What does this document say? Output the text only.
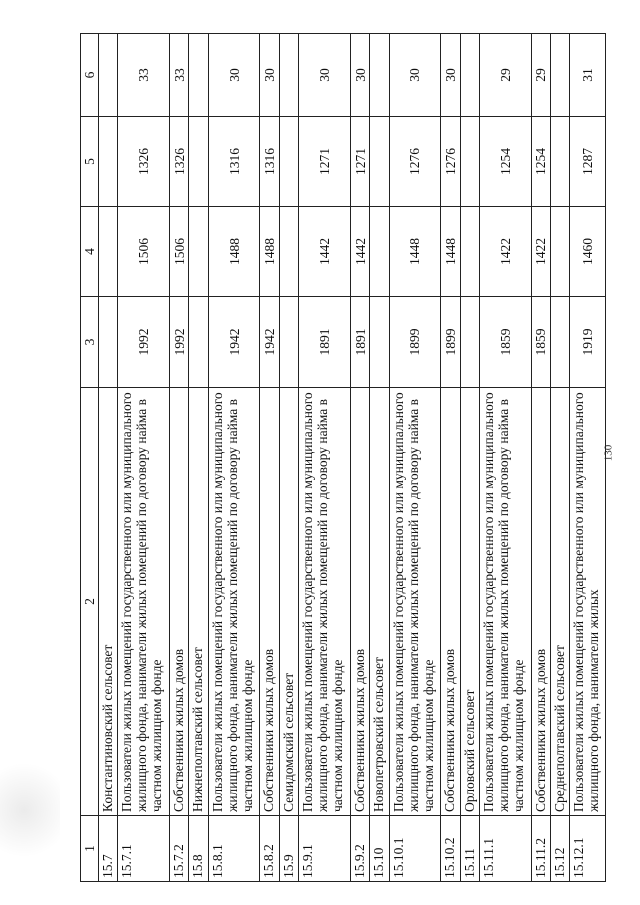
130
1	2	3	4	5	6
15.7	Константиновский сельсовет				
15.7.1	Пользователи жилых помещений государственного или муниципального жилищного фонда, наниматели жилых помещений по договору найма в частном жилищном фонде	1992	1506	1326	33
15.7.2	Собственники жилых домов	1992	1506	1326	33
15.8	Нижнеполтавский сельсовет				
15.8.1	Пользователи жилых помещений государственного или муниципального жилищного фонда, наниматели жилых помещений по договору найма в частном жилищном фонде	1942	1488	1316	30
15.8.2	Собственники жилых домов	1942	1488	1316	30
15.9	Семидомский сельсовет				
15.9.1	Пользователи жилых помещений государственного или муниципального жилищного фонда, наниматели жилых помещений по договору найма в частном жилищном фонде	1891	1442	1271	30
15.9.2	Собственники жилых домов	1891	1442	1271	30
15.10	Новопетровский сельсовет				
15.10.1	Пользователи жилых помещений государственного или муниципального жилищного фонда, наниматели жилых помещений по договору найма в частном жилищном фонде	1899	1448	1276	30
15.10.2	Собственники жилых домов	1899	1448	1276	30
15.11	Орловский сельсовет				
15.11.1	Пользователи жилых помещений государственного или муниципального жилищного фонда, наниматели жилых помещений по договору найма в частном жилищном фонде	1859	1422	1254	29
15.11.2	Собственники жилых домов	1859	1422	1254	29
15.12	Среднеполтавский сельсовет				
15.12.1	Пользователи жилых помещений государственного или муниципального жилищного фонда, наниматели жилых	1919	1460	1287	31
